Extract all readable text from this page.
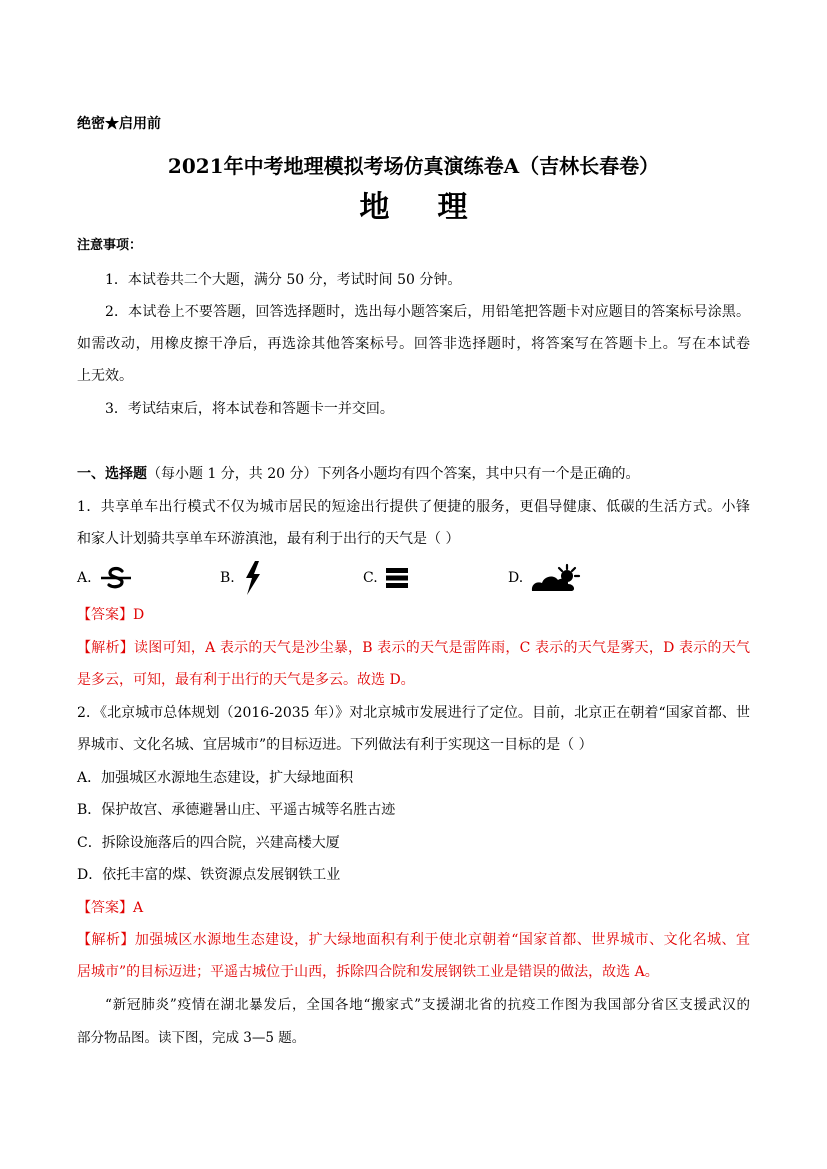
绝密★启用前
2021年中考地理模拟考场仿真演练卷A（吉林长春卷）
地理
注意事项：
1．本试卷共二个大题，满分 50 分，考试时间 50 分钟。
2．本试卷上不要答题，回答选择题时，选出每小题答案后，用铅笔把答题卡对应题目的答案标号涂黑。
如需改动，用橡皮擦干净后，再选涂其他答案标号。回答非选择题时，将答案写在答题卡上。写在本试卷
上无效。
3．考试结束后，将本试卷和答题卡一并交回。
一、选择题（每小题 1 分，共 20 分）下列各小题均有四个答案，其中只有一个是正确的。
1．共享单车出行模式不仅为城市居民的短途出行提供了便捷的服务，更倡导健康、低碳的生活方式。小锋
和家人计划骑共享单车环游滇池，最有利于出行的天气是（ ）
A.	B.	C.	D.
【答案】D
【解析】读图可知，A 表示的天气是沙尘暴，B 表示的天气是雷阵雨，C 表示的天气是雾天，D 表示的天气
是多云，可知，最有利于出行的天气是多云。故选 D。
2．《北京城市总体规划（2016-2035 年）》对北京城市发展进行了定位。目前，北京正在朝着“国家首都、世
界城市、文化名城、宜居城市”的目标迈进。下列做法有利于实现这一目标的是（ ）
A．加强城区水源地生态建设，扩大绿地面积
B．保护故宫、承德避暑山庄、平遥古城等名胜古迹
C．拆除设施落后的四合院，兴建高楼大厦
D．依托丰富的煤、铁资源点发展钢铁工业
【答案】A
【解析】加强城区水源地生态建设，扩大绿地面积有利于使北京朝着“国家首都、世界城市、文化名城、宜
居城市”的目标迈进；平遥古城位于山西，拆除四合院和发展钢铁工业是错误的做法，故选 A。
“新冠肺炎”疫情在湖北暴发后，全国各地“搬家式”支援湖北省的抗疫工作图为我国部分省区支援武汉的
部分物品图。读下图，完成 3—5 题。
